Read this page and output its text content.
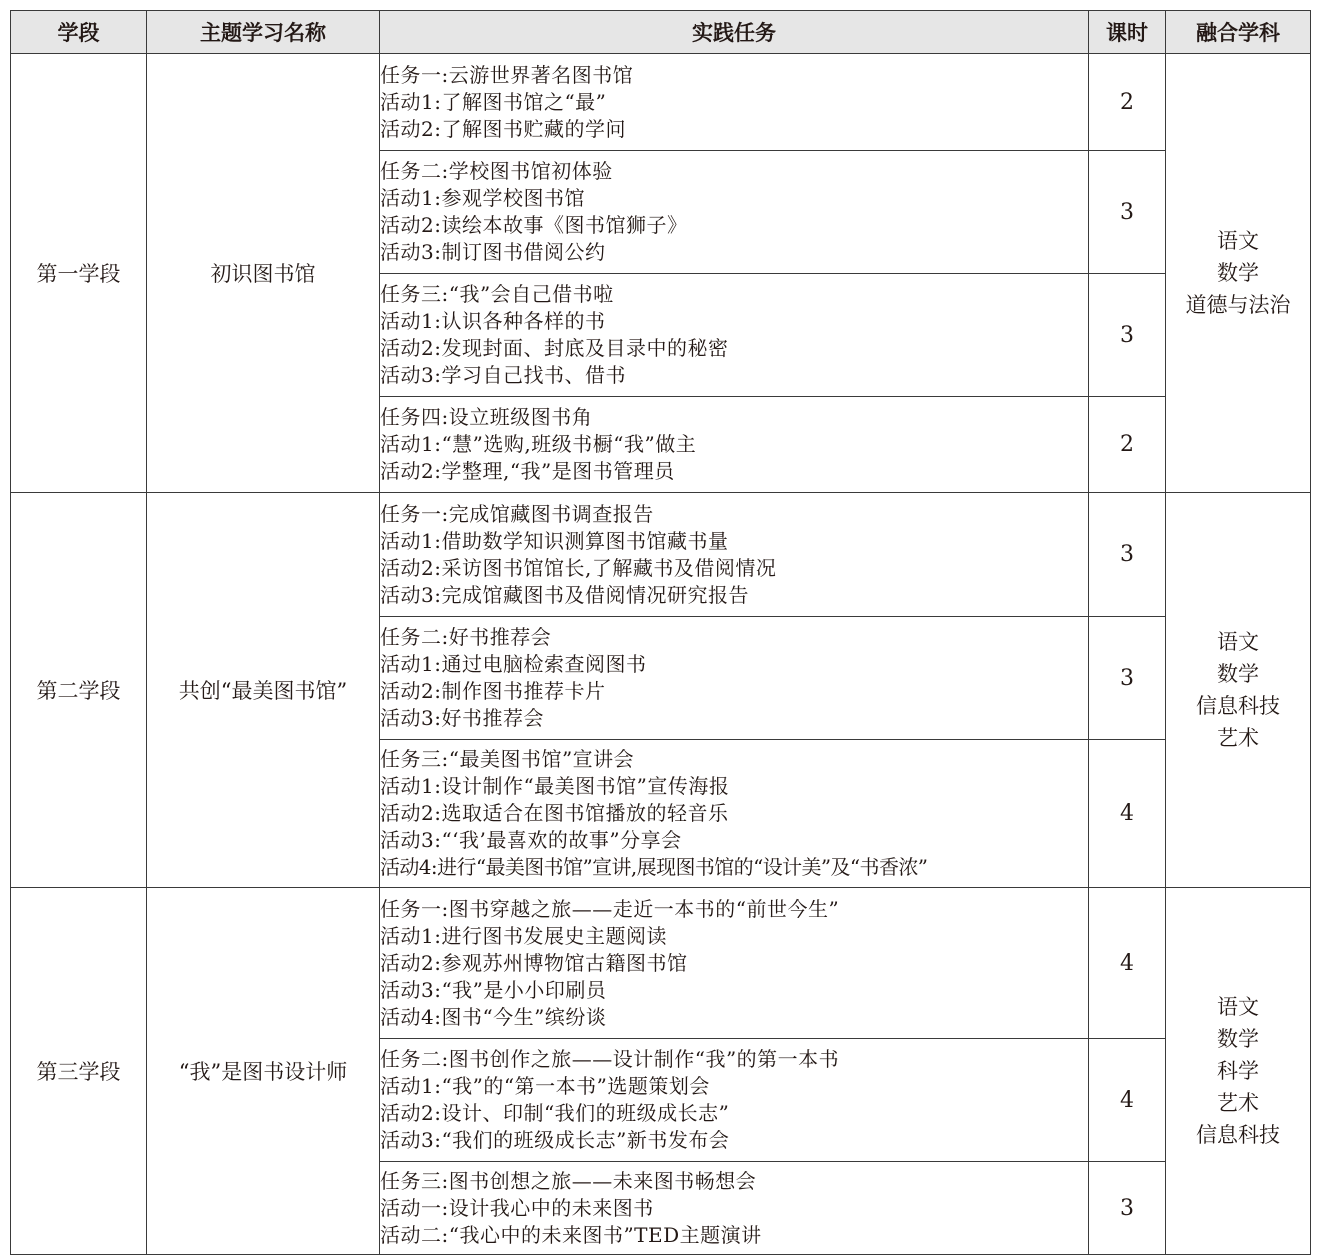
学段	主题学习名称	实践任务	课时	融合学科
第一学段	初识图书馆	任务一:云游世界著名图书馆
活动1:了解图书馆之“最”
活动2:了解图书贮藏的学问	2	语文
数学
道德与法治

		任务二:学校图书馆初体验
活动1:参观学校图书馆
活动2:读绘本故事《图书馆狮子》
活动3:制订图书借阅公约	3	

		任务三:“我”会自己借书啦
活动1:认识各种各样的书
活动2:发现封面、封底及目录中的秘密
活动3:学习自己找书、借书	3	

		任务四:设立班级图书角
活动1:“慧”选购,班级书橱“我”做主
活动2:学整理,“我”是图书管理员	2	
第二学段	共创“最美图书馆”	任务一:完成馆藏图书调查报告
活动1:借助数学知识测算图书馆藏书量
活动2:采访图书馆馆长,了解藏书及借阅情况
活动3:完成馆藏图书及借阅情况研究报告	3	语文
数学
信息科技
艺术

		任务二:好书推荐会
活动1:通过电脑检索查阅图书
活动2:制作图书推荐卡片
活动3:好书推荐会	3	

		任务三:“最美图书馆”宣讲会
活动1:设计制作“最美图书馆”宣传海报
活动2:选取适合在图书馆播放的轻音乐
活动3:“‘我’最喜欢的故事”分享会
活动4:进行“最美图书馆”宣讲,展现图书馆的“设计美”及“书香浓”	4	
第三学段	“我”是图书设计师	任务一:图书穿越之旅——走近一本书的“前世今生”
活动1:进行图书发展史主题阅读
活动2:参观苏州博物馆古籍图书馆
活动3:“我”是小小印刷员
活动4:图书“今生”缤纷谈	4	语文
数学
科学
艺术
信息科技

		任务二:图书创作之旅——设计制作“我”的第一本书
活动1:“我”的“第一本书”选题策划会
活动2:设计、印制“我们的班级成长志”
活动3:“我们的班级成长志”新书发布会	4	

		任务三:图书创想之旅——未来图书畅想会
活动一:设计我心中的未来图书
活动二:“我心中的未来图书”TED主题演讲	3	
